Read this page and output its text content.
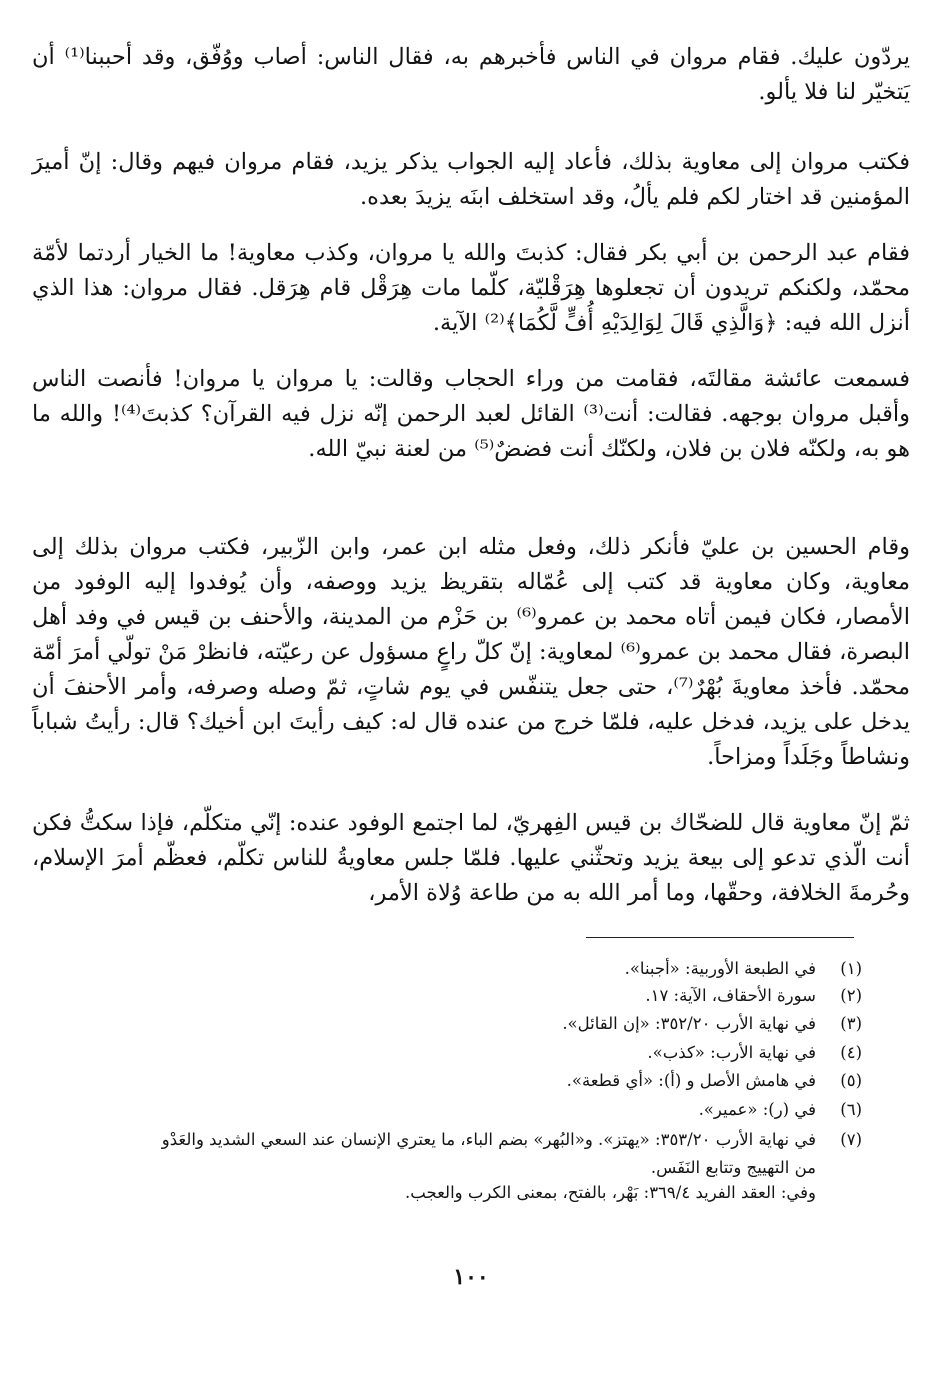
يردّون عليك. فقام مروان في الناس فأخبرهم به، فقال الناس: أصاب ووُفّق، وقد أحببنا⁽¹⁾ أن يَتخيّر لنا فلا يألو.

فكتب مروان إلى معاوية بذلك، فأعاد إليه الجواب يذكر يزيد، فقام مروان فيهم وقال: إنّ أميرَ المؤمنين قد اختار لكم فلم يألُ، وقد استخلف ابنَه يزيدَ بعده.

فقام عبد الرحمن بن أبي بكر فقال: كذبتَ والله يا مروان، وكذب معاوية! ما الخيار أردتما لأمّة محمّد، ولكنكم تريدون أن تجعلوها هِرَقْليّة، كلّما مات هِرَقْل قام هِرَقل. فقال مروان: هذا الذي أنزل الله فيه: ﴿وَالَّذِي قَالَ لِوَالِدَيْهِ أُفٍّ لَّكُمَا﴾⁽²⁾ الآية.

فسمعت عائشة مقالتَه، فقامت من وراء الحجاب وقالت: يا مروان يا مروان! فأنصت الناس وأقبل مروان بوجهه. فقالت: أنت⁽³⁾ القائل لعبد الرحمن إنّه نزل فيه القرآن؟ كذبتَ⁽⁴⁾! والله ما هو به، ولكنّه فلان بن فلان، ولكنّك أنت فضضٌ⁽⁵⁾ من لعنة نبيّ الله.

وقام الحسين بن عليّ فأنكر ذلك، وفعل مثله ابن عمر، وابن الزّبير، فكتب مروان بذلك إلى معاوية، وكان معاوية قد كتب إلى عُمّاله بتقريظ يزيد ووصفه، وأن يُوفدوا إليه الوفود من الأمصار، فكان فيمن أتاه محمد بن عمرو⁽⁶⁾ بن حَزْم من المدينة، والأحنف بن قيس في وفد أهل البصرة، فقال محمد بن عمرو⁽⁶⁾ لمعاوية: إنّ كلّ راعٍ مسؤول عن رعيّته، فانظرْ مَنْ تولّي أمرَ أمّة محمّد. فأخذ معاويةَ بُهْرٌ⁽⁷⁾، حتى جعل يتنفّس في يوم شاتٍ، ثمّ وصله وصرفه، وأمر الأحنفَ أن يدخل على يزيد، فدخل عليه، فلمّا خرج من عنده قال له: كيف رأيتَ ابن أخيك؟ قال: رأيتُ شباباً ونشاطاً وجَلَداً ومزاحاً.

ثمّ إنّ معاوية قال للضحّاك بن قيس الفِهريّ، لما اجتمع الوفود عنده: إنّي متكلّم، فإذا سكتُّ فكن أنت الّذي تدعو إلى بيعة يزيد وتحثّني عليها. فلمّا جلس معاويةُ للناس تكلّم، فعظّم أمرَ الإسلام، وحُرمةَ الخلافة، وحقّها، وما أمر الله به من طاعة وُلاة الأمر،

(١)في الطبعة الأوربية: «أجبنا».
(٢)سورة الأحقاف، الآية: ١٧.
(٣)في نهاية الأرب ٣٥٢/٢٠: «إن القائل».
(٤)في نهاية الأرب: «كذب».
(٥)في هامش الأصل و (أ): «أي قطعة».
(٦)في (ر): «عمير».
(٧)في نهاية الأرب ٣٥٣/٢٠: «يهتز». و«البُهر» بضم الباء، ما يعتري الإنسان عند السعي الشديد والعَدْو
من التهييج وتتابع النَفَس.
وفي: العقد الفريد ٣٦٩/٤: بَهْر، بالفتح، بمعنى الكرب والعجب.
١٠٠
